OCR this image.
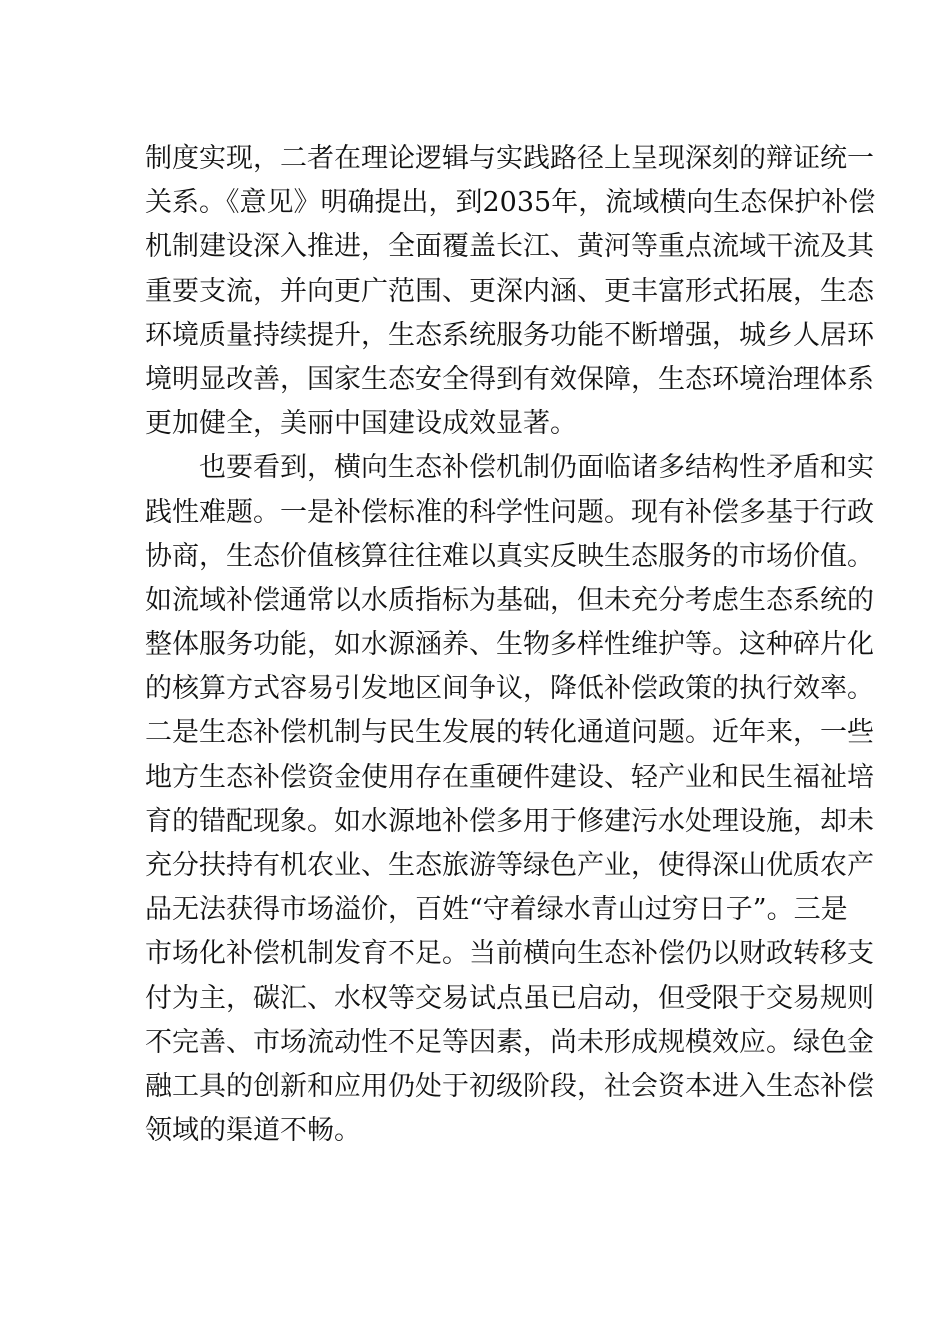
制度实现，二者在理论逻辑与实践路径上呈现深刻的辩证统一
关系。《意见》明确提出，到2035年，流域横向生态保护补偿
机制建设深入推进，全面覆盖长江、黄河等重点流域干流及其
重要支流，并向更广范围、更深内涵、更丰富形式拓展，生态
环境质量持续提升，生态系统服务功能不断增强，城乡人居环
境明显改善，国家生态安全得到有效保障，生态环境治理体系
更加健全，美丽中国建设成效显著。
也要看到，横向生态补偿机制仍面临诸多结构性矛盾和实
践性难题。一是补偿标准的科学性问题。现有补偿多基于行政
协商，生态价值核算往往难以真实反映生态服务的市场价值。
如流域补偿通常以水质指标为基础，但未充分考虑生态系统的
整体服务功能，如水源涵养、生物多样性维护等。这种碎片化
的核算方式容易引发地区间争议，降低补偿政策的执行效率。
二是生态补偿机制与民生发展的转化通道问题。近年来，一些
地方生态补偿资金使用存在重硬件建设、轻产业和民生福祉培
育的错配现象。如水源地补偿多用于修建污水处理设施，却未
充分扶持有机农业、生态旅游等绿色产业，使得深山优质农产
品无法获得市场溢价，百姓“守着绿水青山过穷日子”。三是
市场化补偿机制发育不足。当前横向生态补偿仍以财政转移支
付为主，碳汇、水权等交易试点虽已启动，但受限于交易规则
不完善、市场流动性不足等因素，尚未形成规模效应。绿色金
融工具的创新和应用仍处于初级阶段，社会资本进入生态补偿
领域的渠道不畅。
